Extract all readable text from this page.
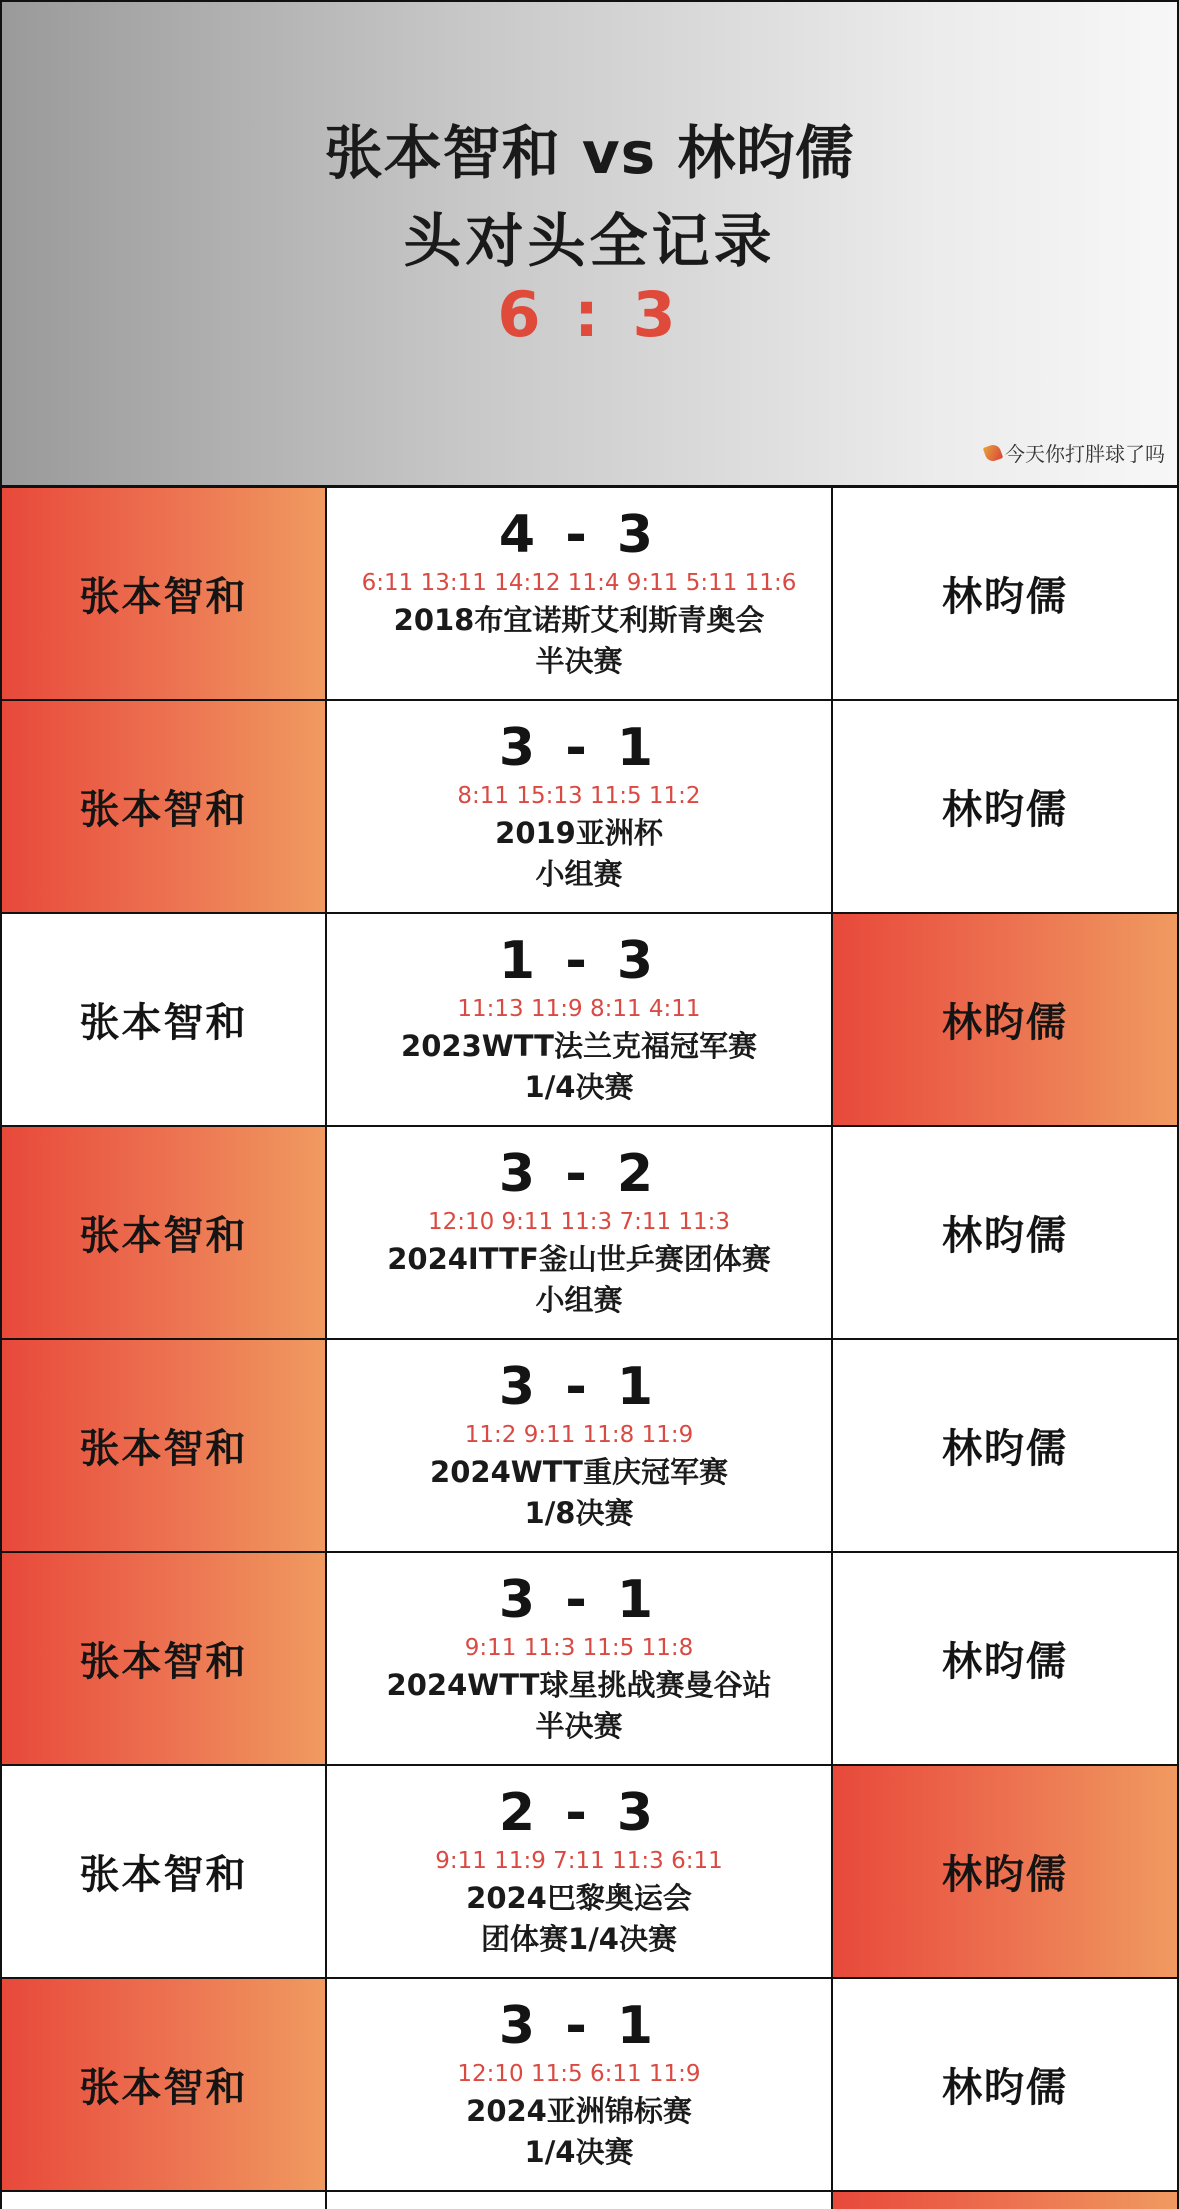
张本智和 vs 林昀儒
头对头全记录
6 : 3
今天你打胖球了吗
张本智和
4 - 3
6:11 13:11 14:12 11:4 9:11 5:11 11:6
2018布宜诺斯艾利斯青奥会
半决赛
林昀儒
张本智和
3 - 1
8:11 15:13 11:5 11:2
2019亚洲杯
小组赛
林昀儒
张本智和
1 - 3
11:13 11:9 8:11 4:11
2023WTT法兰克福冠军赛
1/4决赛
林昀儒
张本智和
3 - 2
12:10 9:11 11:3 7:11 11:3
2024ITTF釜山世乒赛团体赛
小组赛
林昀儒
张本智和
3 - 1
11:2 9:11 11:8 11:9
2024WTT重庆冠军赛
1/8决赛
林昀儒
张本智和
3 - 1
9:11 11:3 11:5 11:8
2024WTT球星挑战赛曼谷站
半决赛
林昀儒
张本智和
2 - 3
9:11 11:9 7:11 11:3 6:11
2024巴黎奥运会
团体赛1/4决赛
林昀儒
张本智和
3 - 1
12:10 11:5 6:11 11:9
2024亚洲锦标赛
1/4决赛
林昀儒
